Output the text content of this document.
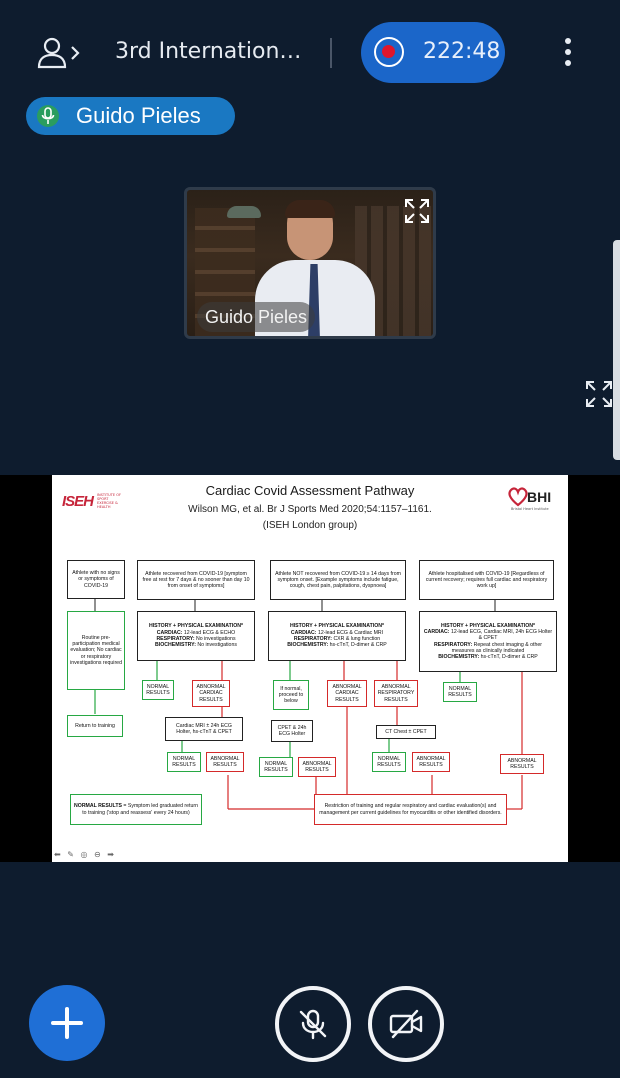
3rd Internation…	222:48
Guido Pieles
Guido Pieles
ISEH INSTITUTE OF SPORT EXERCISE & HEALTH
BHI
Bristol Heart Institute
Cardiac Covid Assessment Pathway
Wilson MG, et al. Br J Sports Med 2020;54:1157–1161.
(ISEH London group)
Athlete with no signs or symptoms of COVID-19
Routine pre-participation medical evaluation; No cardiac or respiratory investigations required
Return to training
Athlete recovered from COVID-19 [symptom free at rest for 7 days & no sooner than day 10 from onset of symptoms]
HISTORY + PHYSICAL EXAMINATION*
CARDIAC: 12-lead ECG & ECHO
RESPIRATORY: No investigations
BIOCHEMISTRY: No investigations
NORMAL RESULTS
ABNORMAL CARDIAC RESULTS
Cardiac MRI ± 24h ECG Holter, hs-cTnT & CPET
NORMAL RESULTS
ABNORMAL RESULTS
Athlete NOT recovered from COVID-19 ≥ 14 days from symptom onset. [Example symptoms include fatigue, cough, chest pain, palpitations, dyspnoea]
HISTORY + PHYSICAL EXAMINATION*
CARDIAC: 12-lead ECG & Cardiac MRI
RESPIRATORY: CXR & lung function
BIOCHEMISTRY: hs-cTnT, D-dimer & CRP
If normal, proceed to below
ABNORMAL CARDIAC RESULTS
ABNORMAL RESPIRATORY RESULTS
CPET & 24h ECG Holter
NORMAL RESULTS
ABNORMAL RESULTS
CT Chest ± CPET
NORMAL RESULTS
ABNORMAL RESULTS
Athlete hospitalised with COVID-19 [Regardless of current recovery; requires full cardiac and respiratory work up]
HISTORY + PHYSICAL EXAMINATION*
CARDIAC: 12-lead ECG, Cardiac MRI, 24h ECG Holter & CPET
RESPIRATORY: Repeat chest imaging & other measures as clinically indicated
BIOCHEMISTRY: hs-cTnT, D-dimer & CRP
NORMAL RESULTS
ABNORMAL RESULTS
NORMAL RESULTS = Symptom led graduated return to training ('stop and reassess' every 24 hours)
Restriction of training and regular respiratory and cardiac evaluation(s) and management per current guidelines for myocarditis or other identified disorders.
⬅ ✎ ◎ ⊖ ➡
